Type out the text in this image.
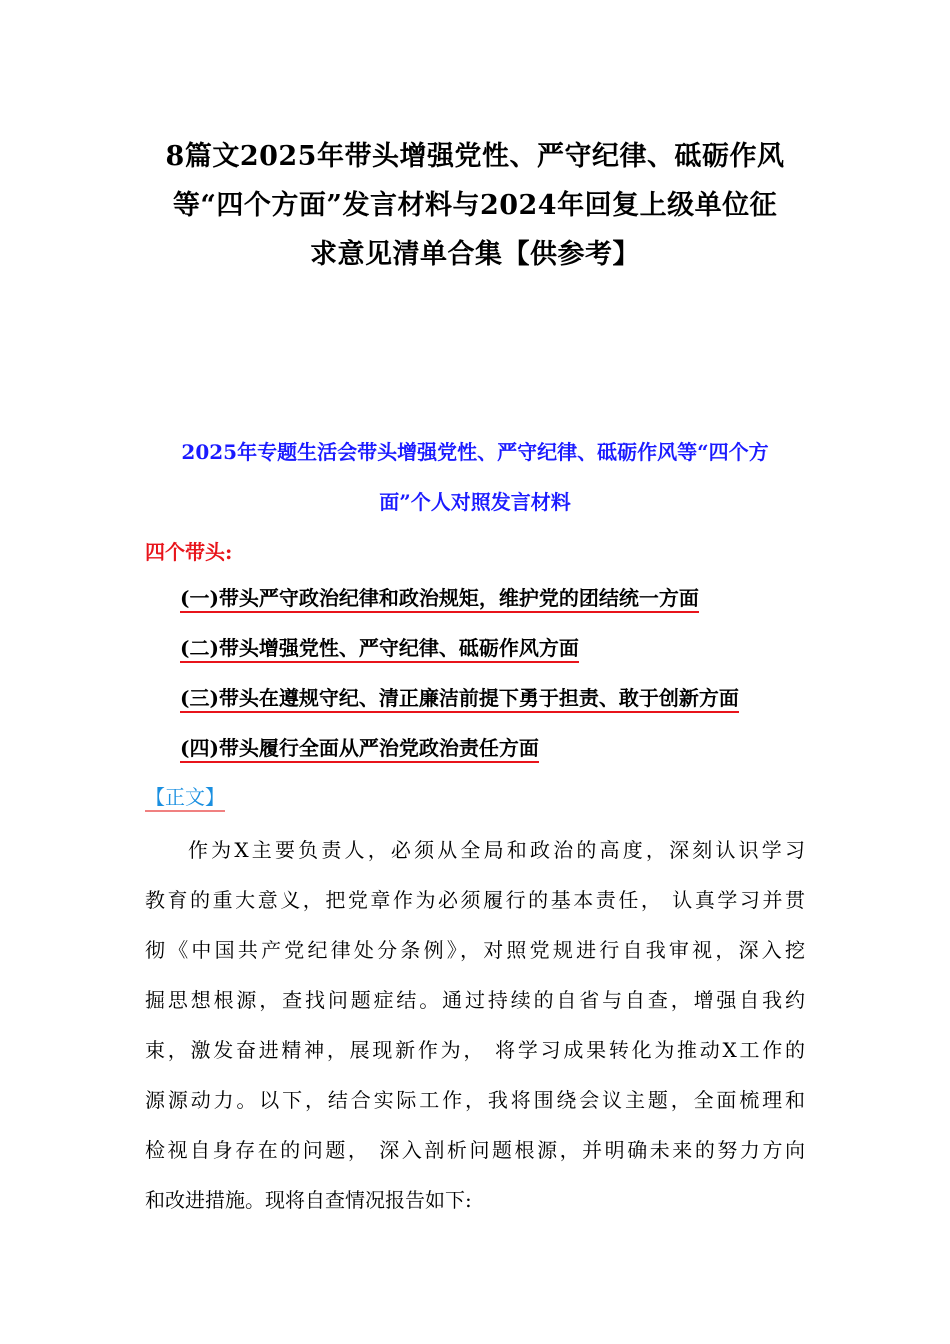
8篇文2025年带头增强党性、严守纪律、砥砺作风
等“四个方面”发言材料与2024年回复上级单位征
求意见清单合集【供参考】
2025年专题生活会带头增强党性、严守纪律、砥砺作风等“四个方
面”个人对照发言材料
四个带头:
(一)带头严守政治纪律和政治规矩，维护党的团结统一方面
(二)带头增强党性、严守纪律、砥砺作风方面
(三)带头在遵规守纪、清正廉洁前提下勇于担责、敢于创新方面
(四)带头履行全面从严治党政治责任方面
【正文】
作为X主要负责人，必须从全局和政治的高度，深刻认识学习
教育的重大意义，把党章作为必须履行的基本责任， 认真学习并贯
彻《中国共产党纪律处分条例》，对照党规进行自我审视，深入挖
掘思想根源，查找问题症结。通过持续的自省与自查，增强自我约
束，激发奋进精神，展现新作为， 将学习成果转化为推动X工作的
源源动力。以下，结合实际工作，我将围绕会议主题，全面梳理和
检视自身存在的问题， 深入剖析问题根源，并明确未来的努力方向
和改进措施。现将自查情况报告如下:
